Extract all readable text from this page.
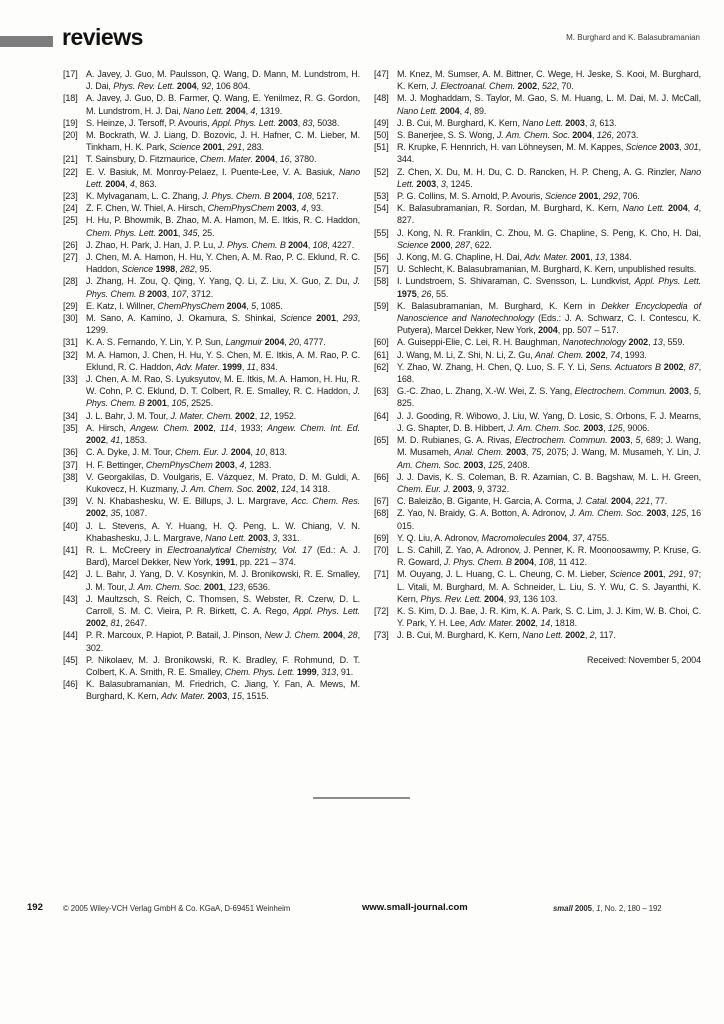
reviews	M. Burghard and K. Balasubramanian
[17] A. Javey, J. Guo, M. Paulsson, Q. Wang, D. Mann, M. Lundstrom, H. J. Dai, Phys. Rev. Lett. 2004, 92, 106 804.
[18] A. Javey, J. Guo, D. B. Farmer, Q. Wang, E. Yenilmez, R. G. Gordon, M. Lundstrom, H. J. Dai, Nano Lett. 2004, 4, 1319.
[19] S. Heinze, J. Tersoff, P. Avouris, Appl. Phys. Lett. 2003, 83, 5038.
[20] M. Bockrath, W. J. Liang, D. Bozovic, J. H. Hafner, C. M. Lieber, M. Tinkham, H. K. Park, Science 2001, 291, 283.
[21] T. Sainsbury, D. Fitzmaurice, Chem. Mater. 2004, 16, 3780.
[22] E. V. Basiuk, M. Monroy-Pelaez, I. Puente-Lee, V. A. Basiuk, Nano Lett. 2004, 4, 863.
[23] K. Mylvaganam, L. C. Zhang, J. Phys. Chem. B 2004, 108, 5217.
[24] Z. F. Chen, W. Thiel, A. Hirsch, ChemPhysChem 2003, 4, 93.
[25] H. Hu, P. Bhowmik, B. Zhao, M. A. Hamon, M. E. Itkis, R. C. Haddon, Chem. Phys. Lett. 2001, 345, 25.
[26] J. Zhao, H. Park, J. Han, J. P. Lu, J. Phys. Chem. B 2004, 108, 4227.
[27] J. Chen, M. A. Hamon, H. Hu, Y. Chen, A. M. Rao, P. C. Eklund, R. C. Haddon, Science 1998, 282, 95.
[28] J. Zhang, H. Zou, Q. Qing, Y. Yang, Q. Li, Z. Liu, X. Guo, Z. Du, J. Phys. Chem. B 2003, 107, 3712.
[29] E. Katz, I. Willner, ChemPhysChem 2004, 5, 1085.
[30] M. Sano, A. Kamino, J. Okamura, S. Shinkai, Science 2001, 293, 1299.
[31] K. A. S. Fernando, Y. Lin, Y. P. Sun, Langmuir 2004, 20, 4777.
[32] M. A. Hamon, J. Chen, H. Hu, Y. S. Chen, M. E. Itkis, A. M. Rao, P. C. Eklund, R. C. Haddon, Adv. Mater. 1999, 11, 834.
[33] J. Chen, A. M. Rao, S. Lyuksyutov, M. E. Itkis, M. A. Hamon, H. Hu, R. W. Cohn, P. C. Eklund, D. T. Colbert, R. E. Smalley, R. C. Haddon, J. Phys. Chem. B 2001, 105, 2525.
[34] J. L. Bahr, J. M. Tour, J. Mater. Chem. 2002, 12, 1952.
[35] A. Hirsch, Angew. Chem. 2002, 114, 1933; Angew. Chem. Int. Ed. 2002, 41, 1853.
[36] C. A. Dyke, J. M. Tour, Chem. Eur. J. 2004, 10, 813.
[37] H. F. Bettinger, ChemPhysChem 2003, 4, 1283.
[38] V. Georgakilas, D. Voulgaris, E. Vázquez, M. Prato, D. M. Guldi, A. Kukovecz, H. Kuzmany, J. Am. Chem. Soc. 2002, 124, 14 318.
[39] V. N. Khabashesku, W. E. Billups, J. L. Margrave, Acc. Chem. Res. 2002, 35, 1087.
[40] J. L. Stevens, A. Y. Huang, H. Q. Peng, L. W. Chiang, V. N. Khabashesku, J. L. Margrave, Nano Lett. 2003, 3, 331.
[41] R. L. McCreery in Electroanalytical Chemistry, Vol. 17 (Ed.: A. J. Bard), Marcel Dekker, New York, 1991, pp. 221 – 374.
[42] J. L. Bahr, J. Yang, D. V. Kosynkin, M. J. Bronikowski, R. E. Smalley, J. M. Tour, J. Am. Chem. Soc. 2001, 123, 6536.
[43] J. Maultzsch, S. Reich, C. Thomsen, S. Webster, R. Czerw, D. L. Carroll, S. M. C. Vieira, P. R. Birkett, C. A. Rego, Appl. Phys. Lett. 2002, 81, 2647.
[44] P. R. Marcoux, P. Hapiot, P. Batail, J. Pinson, New J. Chem. 2004, 28, 302.
[45] P. Nikolaev, M. J. Bronikowski, R. K. Bradley, F. Rohmund, D. T. Colbert, K. A. Smith, R. E. Smalley, Chem. Phys. Lett. 1999, 313, 91.
[46] K. Balasubramanian, M. Friedrich, C. Jiang, Y. Fan, A. Mews, M. Burghard, K. Kern, Adv. Mater. 2003, 15, 1515.
[47] M. Knez, M. Sumser, A. M. Bittner, C. Wege, H. Jeske, S. Kooi, M. Burghard, K. Kern, J. Electroanal. Chem. 2002, 522, 70.
[48] M. J. Moghaddam, S. Taylor, M. Gao, S. M. Huang, L. M. Dai, M. J. McCall, Nano Lett. 2004, 4, 89.
[49] J. B. Cui, M. Burghard, K. Kern, Nano Lett. 2003, 3, 613.
[50] S. Banerjee, S. S. Wong, J. Am. Chem. Soc. 2004, 126, 2073.
[51] R. Krupke, F. Hennrich, H. van Löhneysen, M. M. Kappes, Science 2003, 301, 344.
[52] Z. Chen, X. Du, M. H. Du, C. D. Rancken, H. P. Cheng, A. G. Rinzler, Nano Lett. 2003, 3, 1245.
[53] P. G. Collins, M. S. Arnold, P. Avouris, Science 2001, 292, 706.
[54] K. Balasubramanian, R. Sordan, M. Burghard, K. Kern, Nano Lett. 2004, 4, 827.
[55] J. Kong, N. R. Franklin, C. Zhou, M. G. Chapline, S. Peng, K. Cho, H. Dai, Science 2000, 287, 622.
[56] J. Kong, M. G. Chapline, H. Dai, Adv. Mater. 2001, 13, 1384.
[57] U. Schlecht, K. Balasubramanian, M. Burghard, K. Kern, unpublished results.
[58] I. Lundstroem, S. Shivaraman, C. Svensson, L. Lundkvist, Appl. Phys. Lett. 1975, 26, 55.
[59] K. Balasubramanian, M. Burghard, K. Kern in Dekker Encyclopedia of Nanoscience and Nanotechnology (Eds.: J. A. Schwarz, C. I. Contescu, K. Putyera), Marcel Dekker, New York, 2004, pp. 507 – 517.
[60] A. Guiseppi-Elie, C. Lei, R. H. Baughman, Nanotechnology 2002, 13, 559.
[61] J. Wang, M. Li, Z. Shi, N. Li, Z. Gu, Anal. Chem. 2002, 74, 1993.
[62] Y. Zhao, W. Zhang, H. Chen, Q. Luo, S. F. Y. Li, Sens. Actuators B 2002, 87, 168.
[63] G.-C. Zhao, L. Zhang, X.-W. Wei, Z. S. Yang, Electrochem. Commun. 2003, 5, 825.
[64] J. J. Gooding, R. Wibowo, J. Liu, W. Yang, D. Losic, S. Orbons, F. J. Mearns, J. G. Shapter, D. B. Hibbert, J. Am. Chem. Soc. 2003, 125, 9006.
[65] M. D. Rubianes, G. A. Rivas, Electrochem. Commun. 2003, 5, 689; J. Wang, M. Musameh, Anal. Chem. 2003, 75, 2075; J. Wang, M. Musameh, Y. Lin, J. Am. Chem. Soc. 2003, 125, 2408.
[66] J. J. Davis, K. S. Coleman, B. R. Azamian, C. B. Bagshaw, M. L. H. Green, Chem. Eur. J. 2003, 9, 3732.
[67] C. Baleizão, B. Gigante, H. Garcia, A. Corma, J. Catal. 2004, 221, 77.
[68] Z. Yao, N. Braidy, G. A. Botton, A. Adronov, J. Am. Chem. Soc. 2003, 125, 16 015.
[69] Y. Q. Liu, A. Adronov, Macromolecules 2004, 37, 4755.
[70] L. S. Cahill, Z. Yao, A. Adronov, J. Penner, K. R. Moonoosawmy, P. Kruse, G. R. Goward, J. Phys. Chem. B 2004, 108, 11 412.
[71] M. Ouyang, J. L. Huang, C. L. Cheung, C. M. Lieber, Science 2001, 291, 97; L. Vitali, M. Burghard, M. A. Schneider, L. Liu, S. Y. Wu, C. S. Jayanthi, K. Kern, Phys. Rev. Lett. 2004, 93, 136 103.
[72] K. S. Kim, D. J. Bae, J. R. Kim, K. A. Park, S. C. Lim, J. J. Kim, W. B. Choi, C. Y. Park, Y. H. Lee, Adv. Mater. 2002, 14, 1818.
[73] J. B. Cui, M. Burghard, K. Kern, Nano Lett. 2002, 2, 117.
Received: November 5, 2004
192	© 2005 Wiley-VCH Verlag GmbH & Co. KGaA, D-69451 Weinheim	www.small-journal.com	small 2005, 1, No. 2, 180 – 192
